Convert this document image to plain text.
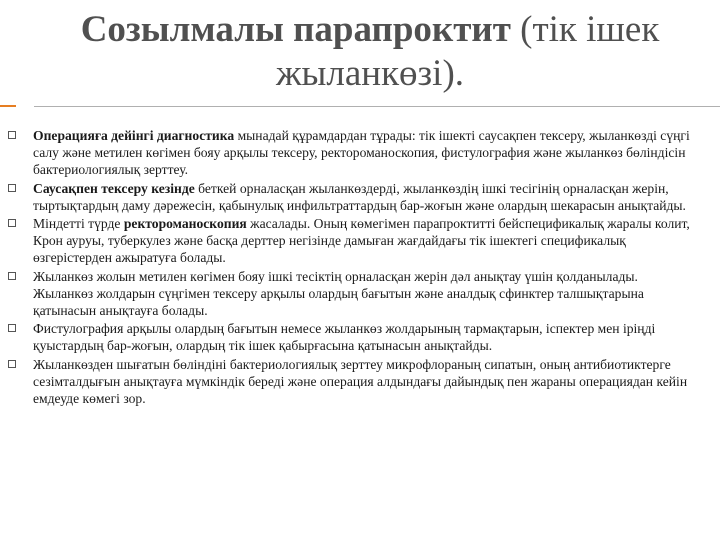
Созылмалы парапроктит (тік ішек жыланкөзі).
Операцияға дейінгі диагностика мынадай құрамдардан тұрады: тік ішекті саусақпен тексеру, жыланкөзді сүңгі салу және метилен көгімен бояу арқылы тексеру, ректороманоскопия, фистулография және жыланкөз бөліндісін бактериологиялық зерттеу.
Саусақпен тексеру кезінде беткей орналасқан жыланкөздерді, жыланкөздің ішкі тесігінің орналасқан жерін, тыртықтардың даму дәрежесін, қабынулық инфильтраттардың бар-жоғын және олардың шекарасын анықтайды.
Міндетті түрде ректороманоскопия жасалады. Оның көмегімен парапроктитті бейспецификалық жаралы колит, Крон ауруы, туберкулез және басқа дерттер негізінде дамыған жағдайдағы тік ішектегі спецификалық өзгерістерден ажыратуға болады.
Жыланкөз жолын метилен көгімен бояу ішкі тесіктің орналасқан жерін дәл анықтау үшін қолданылады. Жыланкөз жолдарын сүңгімен тексеру арқылы олардың бағытын және аналдық сфинктер талшықтарына қатынасын анықтауға болады.
Фистулография арқылы олардың бағытын немесе жыланкөз жолдарының тармақтарын, іспектер мен іріңді қуыстардың бар-жоғын, олардың тік ішек қабырғасына қатынасын анықтайды.
Жыланкөзден шығатын бөліндіні бактериологиялық зерттеу микрофлораның сипатын, оның антибиотиктерге сезімталдығын анықтауға мүмкіндік береді және операция алдындағы дайындық пен жараны операциядан кейін емдеуде көмегі зор.
